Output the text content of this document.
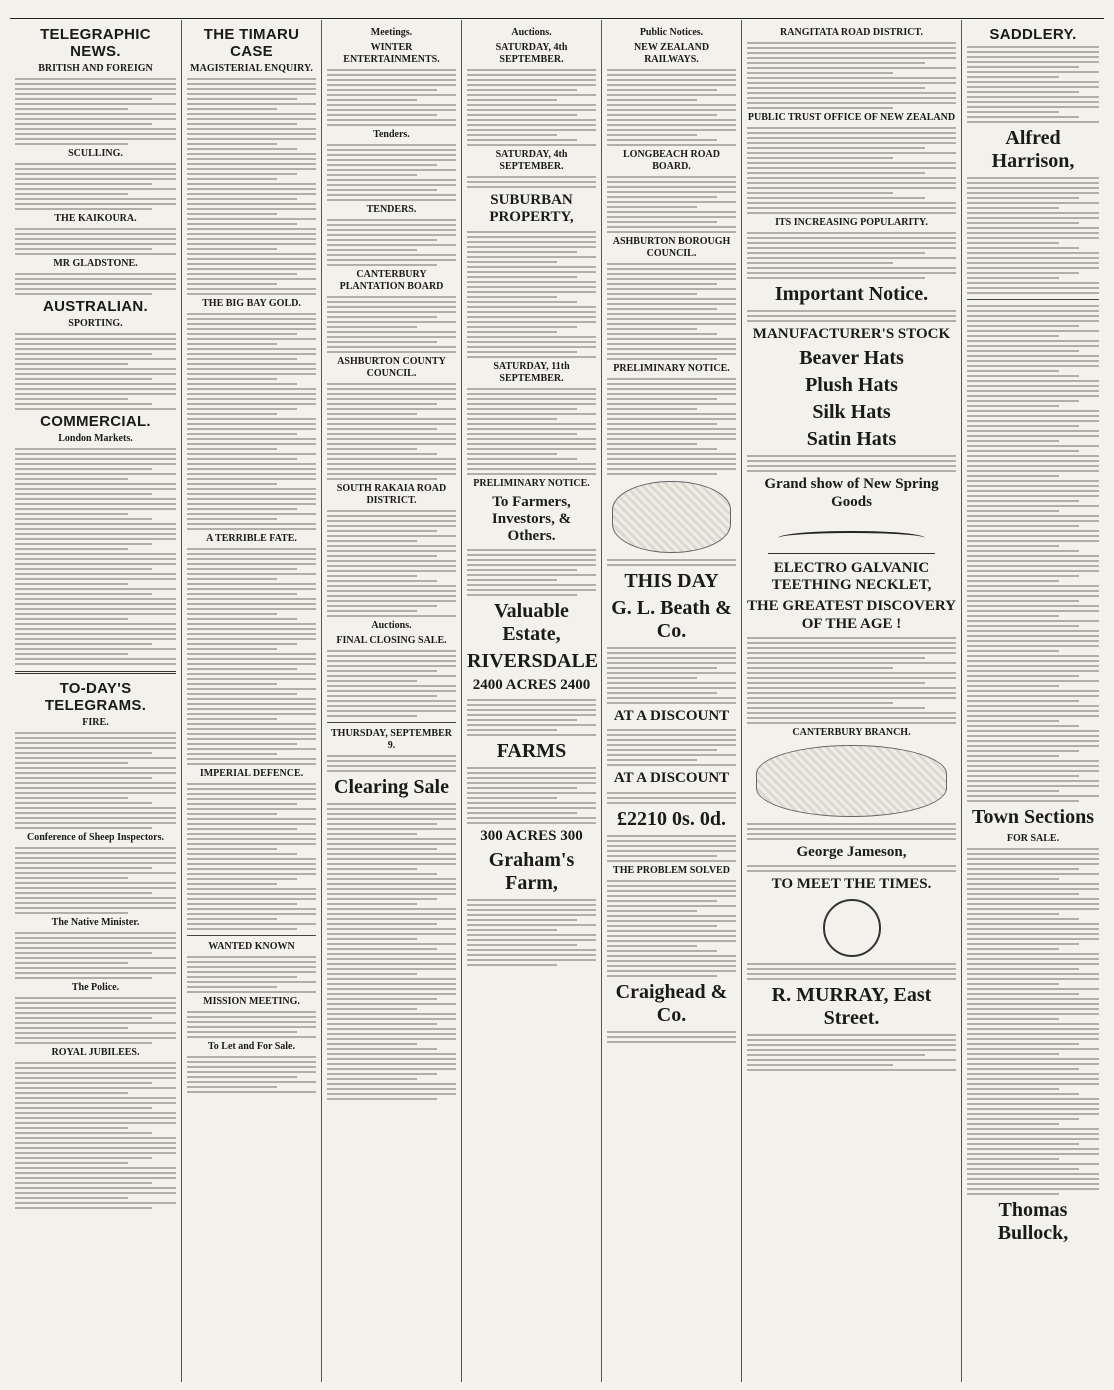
TELEGRAPHIC NEWS.
BRITISH AND FOREIGN
SCULLING.
THE KAIKOURA.
MR GLADSTONE.
AUSTRALIAN.
SPORTING.
COMMERCIAL.
London Markets.
TO-DAY'S TELEGRAMS.
FIRE.
Conference of Sheep Inspectors.
The Native Minister.
The Police.
ROYAL JUBILEES.
THE TIMARU CASE
MAGISTERIAL ENQUIRY.
THE BIG BAY GOLD.
A TERRIBLE FATE.
IMPERIAL DEFENCE.
WANTED KNOWN
MISSION MEETING.
To Let and For Sale.
Meetings.
WINTER ENTERTAINMENTS.
Tenders.
TENDERS.
CANTERBURY PLANTATION BOARD
ASHBURTON COUNTY COUNCIL.
SOUTH RAKAIA ROAD DISTRICT.
Auctions.
FINAL CLOSING SALE.
THURSDAY, SEPTEMBER 9.
Clearing Sale
Auctions.
SATURDAY, 4th SEPTEMBER.
SATURDAY, 4th SEPTEMBER.
SUBURBAN PROPERTY,
SATURDAY, 11th SEPTEMBER.
PRELIMINARY NOTICE.
To Farmers, Investors, & Others.
Valuable Estate,
RIVERSDALE
2400 ACRES 2400
FARMS
300 ACRES 300
Graham's Farm,
Public Notices.
NEW ZEALAND RAILWAYS.
LONGBEACH ROAD BOARD.
ASHBURTON BOROUGH COUNCIL.
PRELIMINARY NOTICE.
THIS DAY
G. L. Beath & Co.
AT A DISCOUNT
AT A DISCOUNT
£2210 0s. 0d.
THE PROBLEM SOLVED
Craighead & Co.
RANGITATA ROAD DISTRICT.
PUBLIC TRUST OFFICE OF NEW ZEALAND
ITS INCREASING POPULARITY.
Important Notice.
MANUFACTURER'S STOCK
Beaver Hats
Plush Hats
Silk Hats
Satin Hats
Grand show of New Spring Goods
ELECTRO GALVANIC TEETHING NECKLET,
THE GREATEST DISCOVERY OF THE AGE !
CANTERBURY BRANCH.
George Jameson,
TO MEET THE TIMES.
R. MURRAY, East Street.
SADDLERY.
Alfred Harrison,
Town Sections
FOR SALE.
Thomas Bullock,
